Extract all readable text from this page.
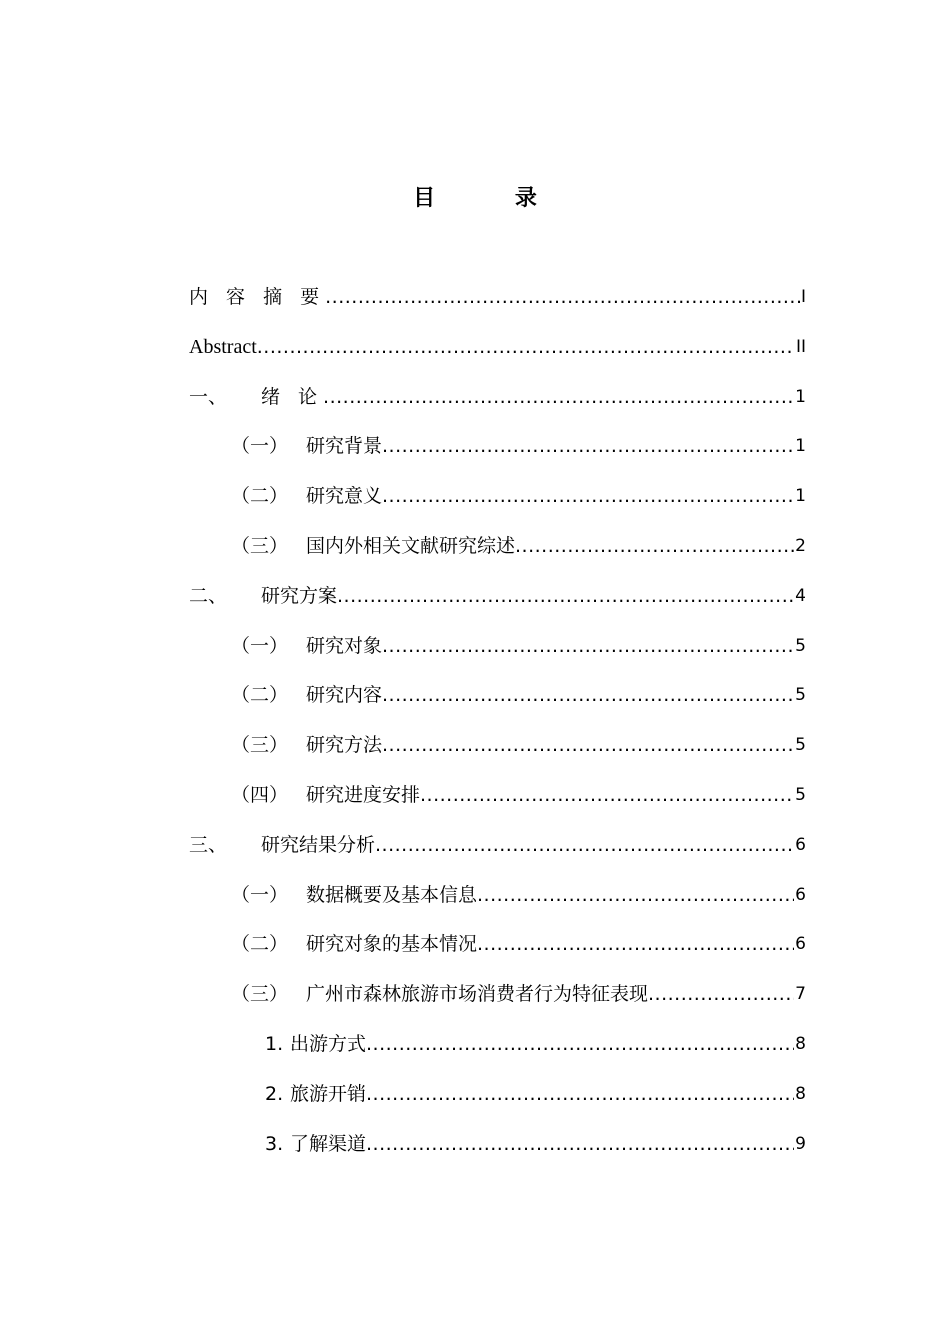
目 录
内 容 摘 要 .....	I
Abstract .....	II
一、	绪 论 .....	1
（一） 研究背景 .....	1
（二） 研究意义 .....	1
（三） 国内外相关文献研究综述 .....	2
二、	研究方案 .....	4
（一） 研究对象 .....	5
（二） 研究内容 .....	5
（三） 研究方法 .....	5
（四） 研究进度安排 .....	5
三、	研究结果分析 .....	6
（一） 数据概要及基本信息 .....	6
（二） 研究对象的基本情况 .....	6
（三） 广州市森林旅游市场消费者行为特征表现 .....	7
1. 出游方式 .....	8
2. 旅游开销 .....	8
3. 了解渠道 .....	9
